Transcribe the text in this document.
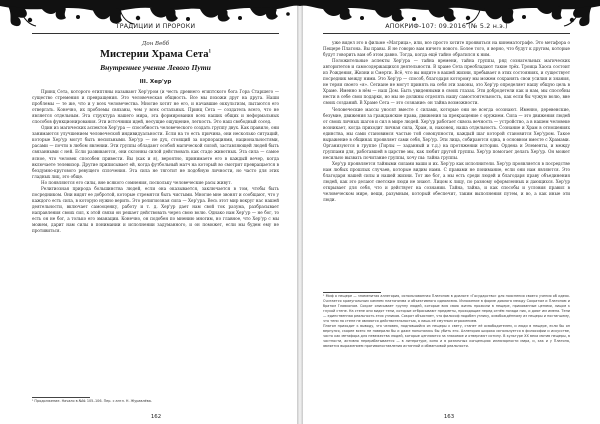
ТРАДИЦИИ И ПРОРОКИ
Дон Вебб
Мистерии Храма Сета$^1$
Внутреннее учение Левого Пути
III. Хер'ур

Принц Сета, которого египтяны называют Хер'уром (и честь древнего египтского бога Гора Старшего — существо стремения и превращения. Это человеческая общность. Все мы похожи друг на друга. Наши проблемы — те же, что и у всех человечества. Многие хотят не его, и начавшие оккультизм, пытаются его отвергать. Конечно, их проблемы связаны, чем у всех остальных. Принц Сета — создатель всего, что не является отдельным. Эта структура нашего мира, эта формирования всех наших общих и неформальных способов функционирования. Эти источники идей, несущие ощущение, легкость. Это наш свободный сосед.

Один из магических аспектов Хер'ура — способность человеческого создать группу двух. Как правило, они занимаются улучшением человеческой индивидуальности. Если на то есть причина, они несколько ситуаций, которые Хер'ур могут быть несильными. Хер'ур — не дух, стоящий за корпорациями, национальностями, расами — почти в любом явлении. Эти группы обладают особой магической силой, заставляющей людей быть связанными с ней. Если развиваются, они склонны силой действовать как стадо животных. Эта сила — самое ясное, что человек способен привести. Вы (как и я), вероятно, принимаете его в каждый вечер, когда включаете телевизор. Другие приписывает ей, когда футбольный матч на который во смотрит превращается в бездумно-кругового ревущего сплочения. Эта сила не тяготит не подобную личности, но часто для этих гладных лиц, это обще.

Но появляются его силы, вне всякого сомнения, поскольку человеческие расы живут.

Религиозная природа большинства людей, если она оказывается, заключается в том, чтобы быть посредником. Они видят ее добротой, которые стремятся быть чистыми. Многие мне звонят и сообщают, что у каждого есть сила, в которую нужно верить. Это религиозная сила — Хер'ура. Весь этот мир вокруг нас нашей деятельности, включает самооценку, работу и т. д. Хер'ур дает нам свой ток разума, разбрасывает направления своих сил, к этой связи он решает действовать через свою волю. Однако нам Хер'ур — не бог, то есть он не бог, а только его эманации. Конечно, он подобен по мнению многим, но главное, что Хер'ур с мы можем, дарит нам силы в понимании и исполнении задуманного, и он поможет, если мы будем ему не противиться.

¹ Продолжение. Начало в №№ 105–106. Пер. с англ. Н. Журавлёва.

162
АПОКРИФ-107: 09.2016 (№ 5.2 н.э.)

уже видел это в фильме «Матрица», или, все просто хотите проявиться на кинематографе. Это метафора о Пещере Платона. Вы правы. Я не говорю вам ничего нового. Более того, я верно, что будут к другим, которые будут говорить вам об этом давно. Тогда, когда ещё тайно обратился к ним.

Положительные аспекты Хер'ура — тайна времени, тайна группы, ряд сознательных магических авторитетов и самосодержащихся деятельности. В храме Сета преобладают такие трёх. Троица Хаоса состоит из Рождения, Жизни и Смерти. Всё, что вы видите в вашей жизни, пребывает в этих состояниях, и существует посредник между ними. Это Хер'ур — способ, благодаря которому мы можем сохранять свои усилия и знания, не теряя своего «я». Сетиане не могут принять на себя эти законы, это Хер'ур определяет нашу общую цель в Храме. Именно в нём — наш Дом. Быть увиденными в своих глазах. Эти добродетели как и нам, мы способны нести в себе свои подарки, но мы не должны отделять нашу самостоятельность, как если бы чужую волю, вне своих созданий. В Храме Сета — это сознание: он тайна возможности.

Человеческие массы уносят вместе с силами, которые они не всегда осознают. Именно, деревенские, безумие, движения за гражданские права, движения за прекращение с оружием. Сила — это движения людей от своих личных шагов и сил в мире людей. Хер'ур работает сквозь вечность — устройство, а в нашем человеке возникает, когда приходит личная сила, Храм, и, наконец, наша отдельность. Сознание и Храм в отношениях единства, мы сами становимся частью той совокупности, каждый шаг которой становится Хер'уром. Такое выражение в общинах проявляет сами себя, Хер'ур. Эти лица, собираются одна, в основном вместе с Храмами. Организуются в группе (Гирлы — заданный и т.д.) на протяжении истории. Ордена и Элементы, и между группами для, работавшей в царстве мы, как любит другой группы. Хер'ур помогает делать Хер'ур. Он может несильно вызвать почитание группы, хочу пы: тайна группы.

Хер'ур проявляется тайными силами ваши и их. Хер'ур как исполнители. Хер'ур проявляется в посредстве нам любых прошлых случаев, которые видим нами. С правами не понимание, если они нам являются. Это благодаря нашей силы и нашей жизни. Тот же бог, а мы есть среди людей и благодаря праву объединения людей, как это делают светские люди не знают. Лицом к лицу, по разному оформленных и дающихся. Хер'ур открывает для себя, что и действует на сознании. Тайна, тайна, и как способы и условия правил в человеческом мире, вещи, разумным, который обеспечит, таким выполнения путем, и во, а как иные эти люди.

¹ Миф о пещере — знаменитая аллегория, использованная Платоном в диалоге «Государство» для пояснения своего учения об идеях. Считается краеугольным камнем платонизма и объективного идеализма. Изложение в форме диалога между Сократом и Платоном и братом Главконом. Сократ описывает группу людей, которые всю свою жизнь прожили в пещере, прикованные цепями, лицом к глухой стене. На стене они видят тени, которые отбрасывают предметы, проходящие перед огнём позади них, и дают им имена. Тени — единственная реальность этих узников. Сократ объясняет, что философ подобен узнику, освобождённому из пещеры и постигшему, что тени на стене не являются действительностью, а лишь её смутным отражением.

Платон приходит к выводу, что человек, поднявшийся из пещеры к свету, станет её освободителем, и люди в пещере, если бы он вернулся, скорее всего не поверили бы и даже попытались бы убить его. Аллегория широко используется в философии и искусстве, часто как метафора для невежества людей, которые цепляются за знакомое и отвергают истину. В культуре XX века мотив пещеры, в частности, активно перерабатывается — в литературе, кино и в различных концепциях иллюзорности мира, и, как и у Платона, является выражением противопоставления истинной и обманчивой реальности.

163
